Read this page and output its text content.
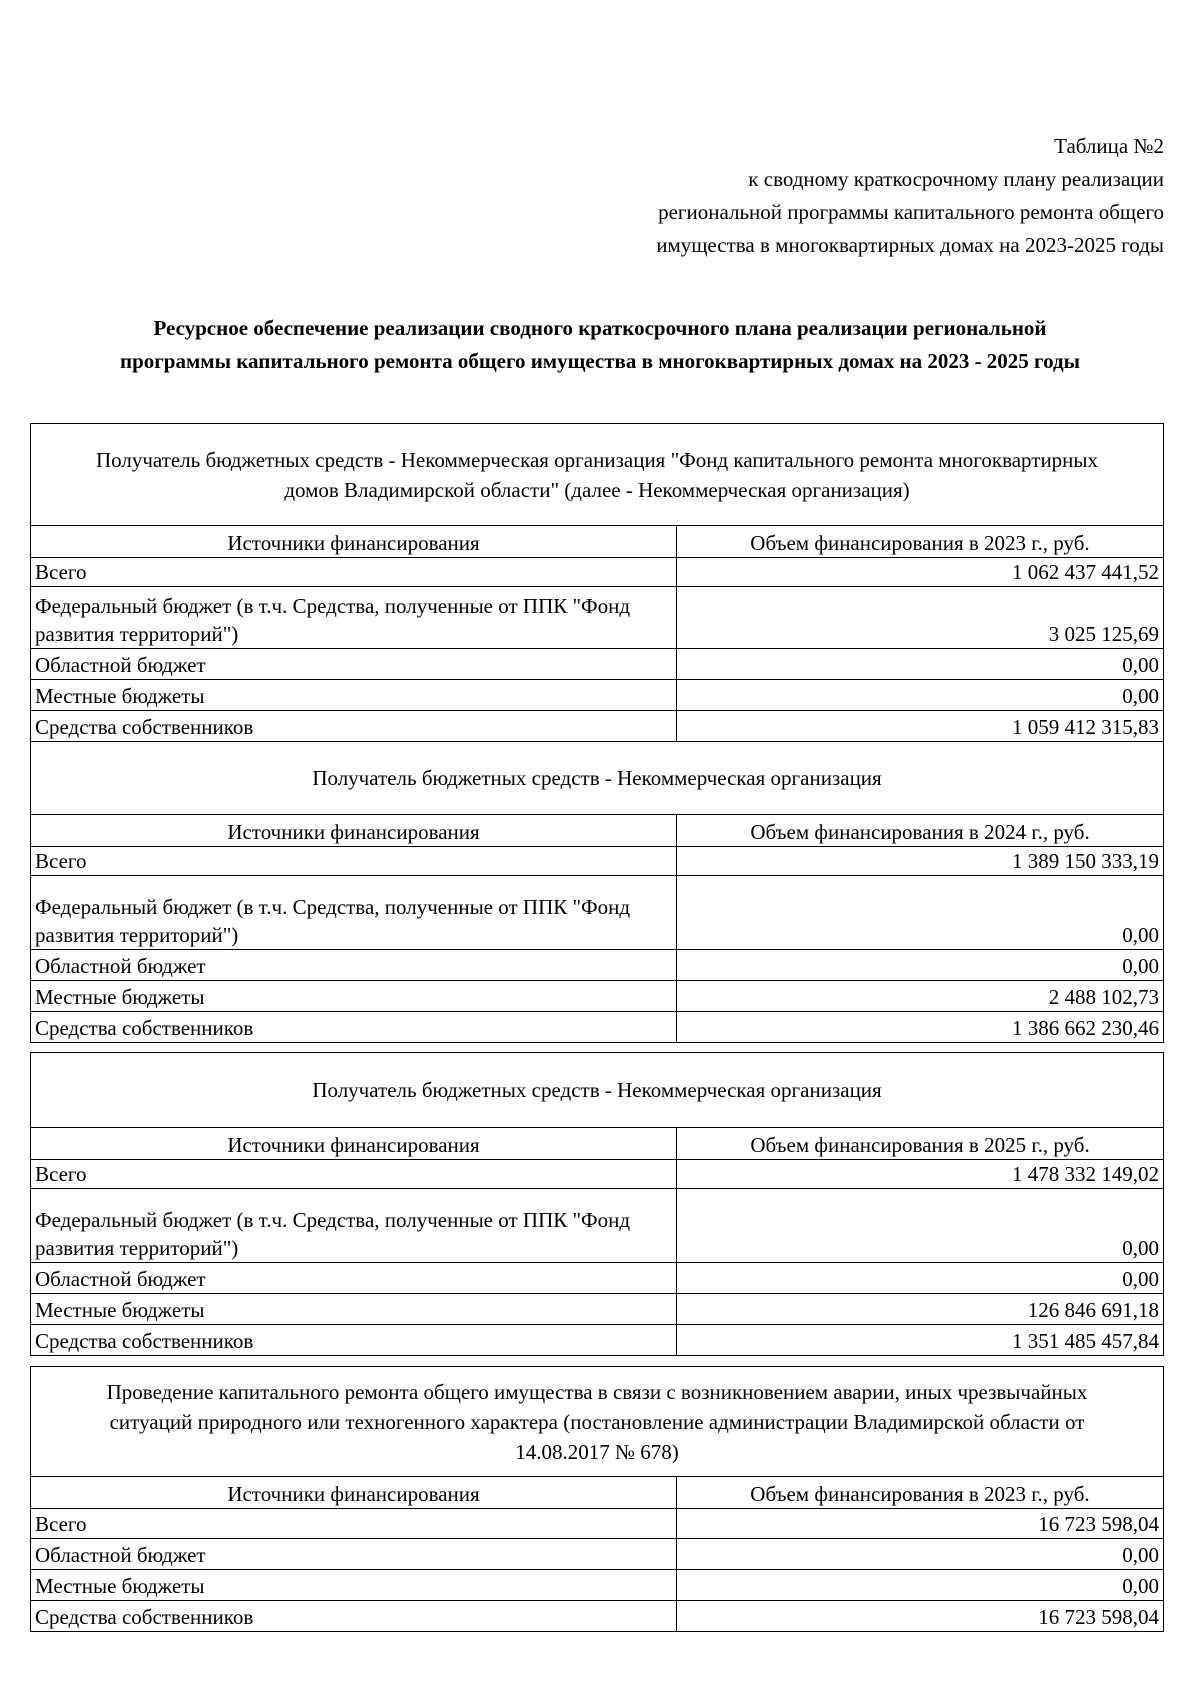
Таблица №2
к сводному краткосрочному плану реализации
региональной программы капитального ремонта общего
имущества в многоквартирных домах на 2023-2025 годы
Ресурсное обеспечение реализации сводного краткосрочного плана реализации региональной
программы капитального ремонта общего имущества в многоквартирных домах на 2023 - 2025 годы
Получатель бюджетных средств - Некоммерческая организация "Фонд капитального ремонта многоквартирных домов Владимирской области" (далее - Некоммерческая организация)	
Источники финансирования	Объем финансирования в 2023 г., руб.
Всего	1 062 437 441,52
Федеральный бюджет (в т.ч. Средства, полученные от ППК "Фонд развития территорий")	3 025 125,69
Областной бюджет	0,00
Местные бюджеты	0,00
Средства собственников	1 059 412 315,83
Получатель бюджетных средств - Некоммерческая организация	
Источники финансирования	Объем финансирования в 2024 г., руб.
Всего	1 389 150 333,19
Федеральный бюджет (в т.ч. Средства, полученные от ППК "Фонд развития территорий")	0,00
Областной бюджет	0,00
Местные бюджеты	2 488 102,73
Средства собственников	1 386 662 230,46
Получатель бюджетных средств - Некоммерческая организация	
Источники финансирования	Объем финансирования в 2025 г., руб.
Всего	1 478 332 149,02
Федеральный бюджет (в т.ч. Средства, полученные от ППК "Фонд развития территорий")	0,00
Областной бюджет	0,00
Местные бюджеты	126 846 691,18
Средства собственников	1 351 485 457,84
Проведение капитального ремонта общего имущества в связи с возникновением аварии, иных чрезвычайных ситуаций природного или техногенного характера (постановление администрации Владимирской области от 14.08.2017 № 678)	
Источники финансирования	Объем финансирования в 2023 г., руб.
Всего	16 723 598,04
Областной бюджет	0,00
Местные бюджеты	0,00
Средства собственников	16 723 598,04
